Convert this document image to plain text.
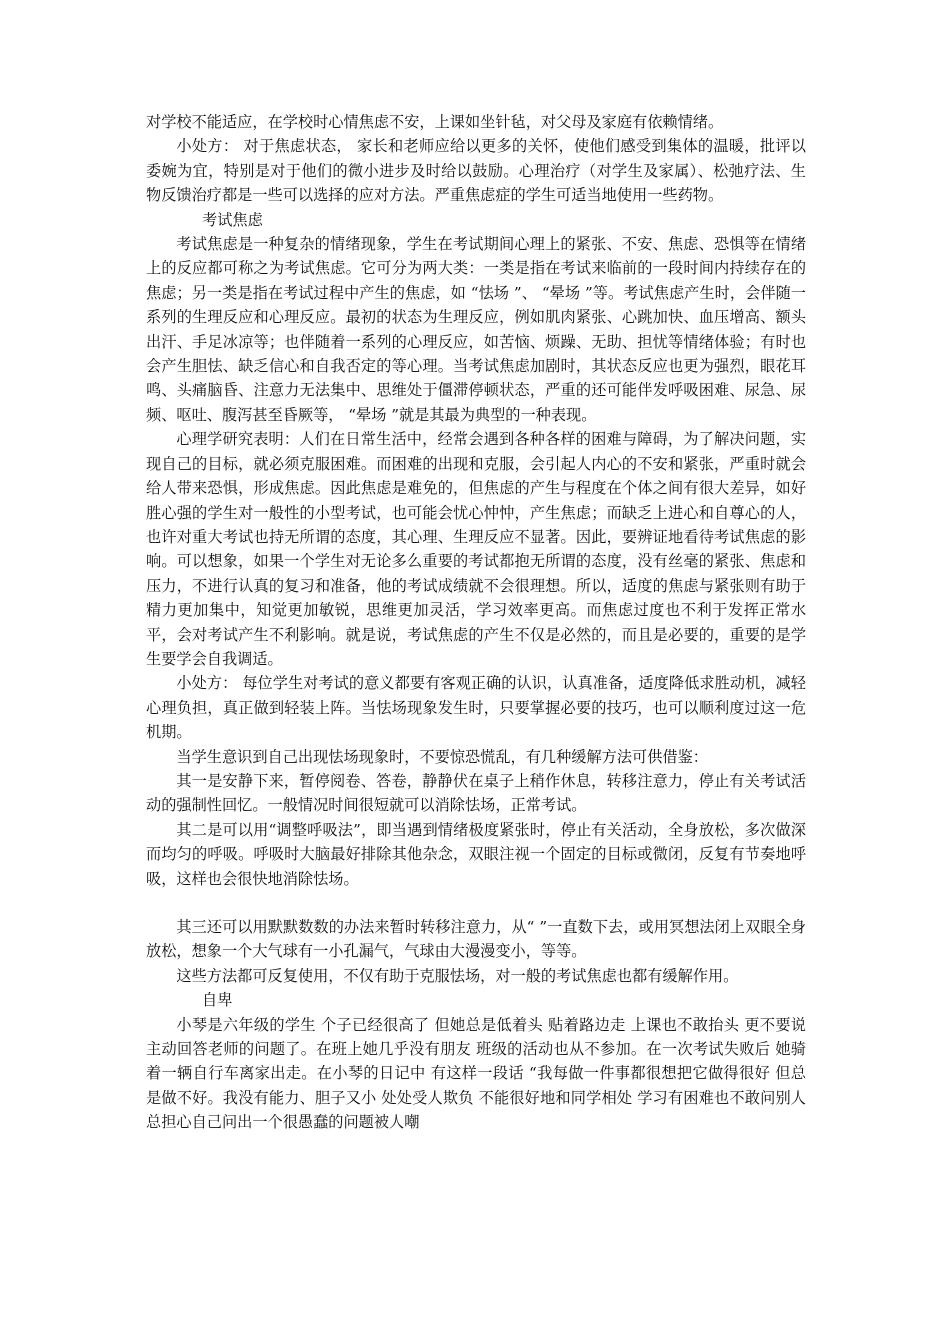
对学校不能适应，在学校时心情焦虑不安，上课如坐针毡，对父母及家庭有依赖情绪。

小处方： 对于焦虑状态， 家长和老师应给以更多的关怀，使他们感受到集体的温暖，批评以委婉为宜，特别是对于他们的微小进步及时给以鼓励。心理治疗（对学生及家属）、松弛疗法、生物反馈治疗都是一些可以选择的应对方法。严重焦虑症的学生可适当地使用一些药物。

考试焦虑

考试焦虑是一种复杂的情绪现象，学生在考试期间心理上的紧张、不安、焦虑、恐惧等在情绪上的反应都可称之为考试焦虑。它可分为两大类：一类是指在考试来临前的一段时间内持续存在的焦虑；另一类是指在考试过程中产生的焦虑，如 “怯场 ”、 “晕场 ”等。考试焦虑产生时，会伴随一系列的生理反应和心理反应。最初的状态为生理反应，例如肌肉紧张、心跳加快、血压增高、额头出汗、手足冰凉等；也伴随着一系列的心理反应，如苦恼、烦躁、无助、担忧等情绪体验；有时也会产生胆怯、缺乏信心和自我否定的等心理。当考试焦虑加剧时，其状态反应也更为强烈，眼花耳鸣、头痛脑昏、注意力无法集中、思维处于僵滞停顿状态，严重的还可能伴发呼吸困难、尿急、尿频、呕吐、腹泻甚至昏厥等， “晕场 ”就是其最为典型的一种表现。

心理学研究表明：人们在日常生活中，经常会遇到各种各样的困难与障碍，为了解决问题，实现自己的目标，就必须克服困难。而困难的出现和克服，会引起人内心的不安和紧张，严重时就会给人带来恐惧，形成焦虑。因此焦虑是难免的，但焦虑的产生与程度在个体之间有很大差异，如好胜心强的学生对一般性的小型考试，也可能会忧心忡忡，产生焦虑；而缺乏上进心和自尊心的人，也许对重大考试也持无所谓的态度，其心理、生理反应不显著。因此，要辨证地看待考试焦虑的影响。可以想象，如果一个学生对无论多么重要的考试都抱无所谓的态度，没有丝毫的紧张、焦虑和压力，不进行认真的复习和准备，他的考试成绩就不会很理想。所以，适度的焦虑与紧张则有助于精力更加集中，知觉更加敏锐，思维更加灵活，学习效率更高。而焦虑过度也不利于发挥正常水平，会对考试产生不利影响。就是说，考试焦虑的产生不仅是必然的，而且是必要的，重要的是学生要学会自我调适。

小处方： 每位学生对考试的意义都要有客观正确的认识，认真准备，适度降低求胜动机，减轻心理负担，真正做到轻装上阵。当怯场现象发生时，只要掌握必要的技巧，也可以顺利度过这一危机期。

当学生意识到自己出现怯场现象时，不要惊恐慌乱，有几种缓解方法可供借鉴：

其一是安静下来，暂停阅卷、答卷，静静伏在桌子上稍作休息，转移注意力，停止有关考试活动的强制性回忆。一般情况时间很短就可以消除怯场，正常考试。

其二是可以用“调整呼吸法”，即当遇到情绪极度紧张时，停止有关活动，全身放松，多次做深而均匀的呼吸。呼吸时大脑最好排除其他杂念，双眼注视一个固定的目标或微闭，反复有节奏地呼吸，这样也会很快地消除怯场。

其三还可以用默默数数的办法来暂时转移注意力，从“ ”一直数下去，或用冥想法闭上双眼全身放松，想象一个大气球有一小孔漏气，气球由大漫漫变小，等等。

这些方法都可反复使用，不仅有助于克服怯场，对一般的考试焦虑也都有缓解作用。

自卑

小琴是六年级的学生 个子已经很高了 但她总是低着头 贴着路边走 上课也不敢抬头 更不要说主动回答老师的问题了。在班上她几乎没有朋友 班级的活动也从不参加。在一次考试失败后 她骑着一辆自行车离家出走。在小琴的日记中 有这样一段话 “我每做一件事都很想把它做得很好 但总是做不好。我没有能力、胆子又小 处处受人欺负 不能很好地和同学相处 学习有困难也不敢问别人 总担心自己问出一个很愚蠢的问题被人嘲
